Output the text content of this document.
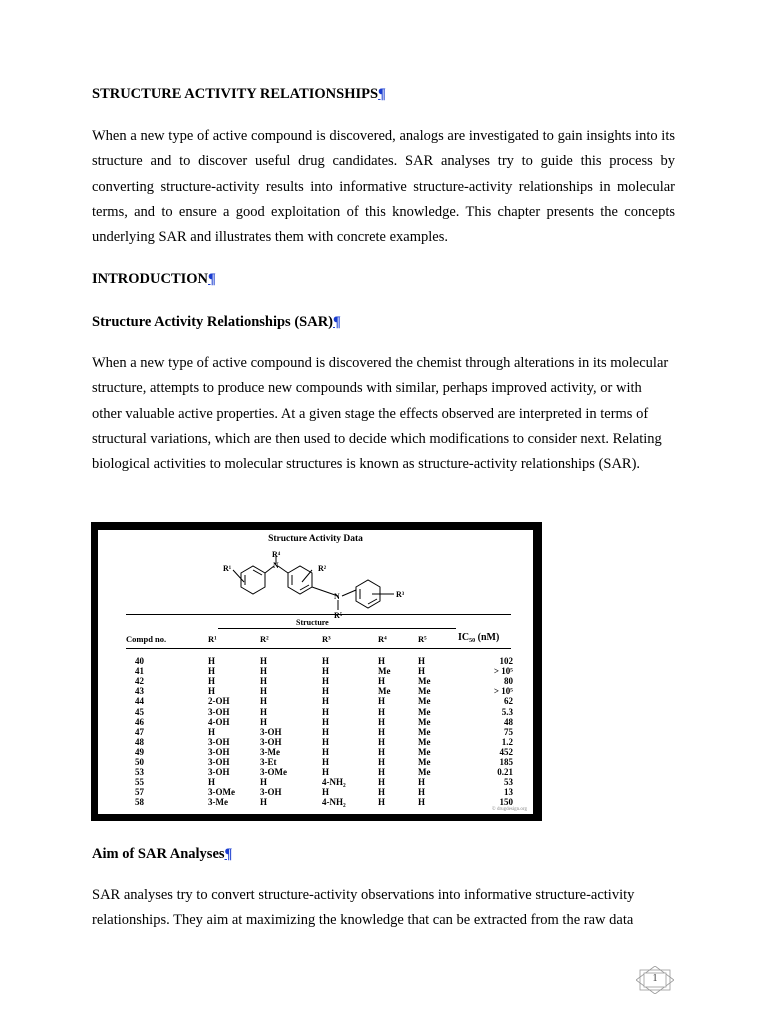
STRUCTURE ACTIVITY RELATIONSHIPS¶

When a new type of active compound is discovered, analogs are investigated to gain insights into its structure and to discover useful drug candidates. SAR analyses try to guide this process by converting structure-activity results into informative structure-activity relationships in molecular terms, and to ensure a good exploitation of this knowledge. This chapter presents the concepts underlying SAR and illustrates them with concrete examples.

INTRODUCTION¶

Structure Activity Relationships (SAR)¶

When a new type of active compound is discovered the chemist through alterations in its molecular structure, attempts to produce new compounds with similar, perhaps improved activity, or with other valuable active properties. At a given stage the effects observed are interpreted in terms of structural variations, which are then used to decide which modifications to consider next. Relating biological activities to molecular structures is known as structure-activity relationships (SAR).

Structure Activity Data
R¹
R⁴
N	R²
N
R⁵
R³
Structure
Compd no.	R¹	R²	R³	R⁴	R⁵	IC₅₀ (nM)
40	H	H	H	H	H	102
41	H	H	H	Me	H	> 10⁵
42	H	H	H	H	Me	80
43	H	H	H	Me	Me	> 10⁵
44	2-OH	H	H	H	Me	62
45	3-OH	H	H	H	Me	5.3
46	4-OH	H	H	H	Me	48
47	H	3-OH	H	H	Me	75
48	3-OH	3-OH	H	H	Me	1.2
49	3-OH	3-Me	H	H	Me	452
50	3-OH	3-Et	H	H	Me	185
53	3-OH	3-OMe	H	H	Me	0.21
55	H	H	4-NH₂	H	H	53
57	3-OMe	3-OH	H	H	H	13
58	3-Me	H	4-NH₂	H	H	150
© drugdesign.org

Aim of SAR Analyses¶

SAR analyses try to convert structure-activity observations into informative structure-activity relationships. They aim at maximizing the knowledge that can be extracted from the raw data

1
